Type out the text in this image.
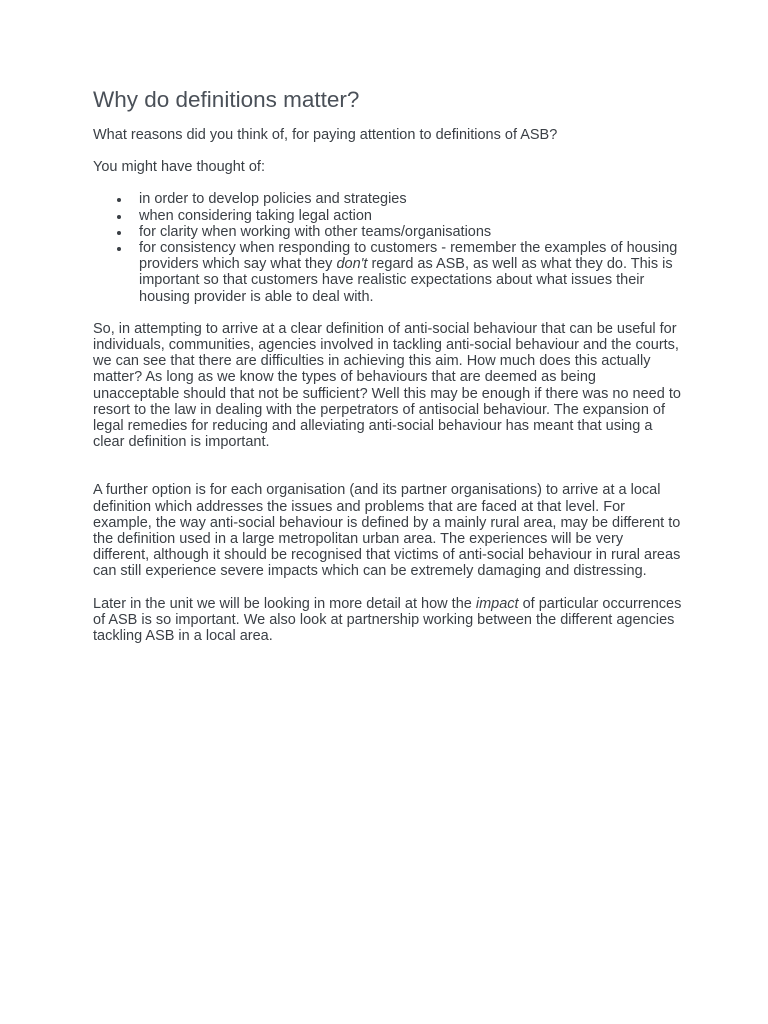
Why do definitions matter?

What reasons did you think of, for paying attention to definitions of ASB?

You might have thought of:

in order to develop policies and strategies
when considering taking legal action
for clarity when working with other teams/organisations
for consistency when responding to customers - remember the examples of housing providers which say what they don't regard as ASB, as well as what they do. This is important so that customers have realistic expectations about what issues their housing provider is able to deal with.

So, in attempting to arrive at a clear definition of anti-social behaviour that can be useful for individuals, communities, agencies involved in tackling anti-social behaviour and the courts, we can see that there are difficulties in achieving this aim. How much does this actually matter? As long as we know the types of behaviours that are deemed as being unacceptable should that not be sufficient? Well this may be enough if there was no need to resort to the law in dealing with the perpetrators of antisocial behaviour. The expansion of legal remedies for reducing and alleviating anti-social behaviour has meant that using a clear definition is important.

A further option is for each organisation (and its partner organisations) to arrive at a local definition which addresses the issues and problems that are faced at that level. For example, the way anti-social behaviour is defined by a mainly rural area, may be different to the definition used in a large metropolitan urban area. The experiences will be very different, although it should be recognised that victims of anti-social behaviour in rural areas can still experience severe impacts which can be extremely damaging and distressing.

Later in the unit we will be looking in more detail at how the impact of particular occurrences of ASB is so important. We also look at partnership working between the different agencies tackling ASB in a local area.
